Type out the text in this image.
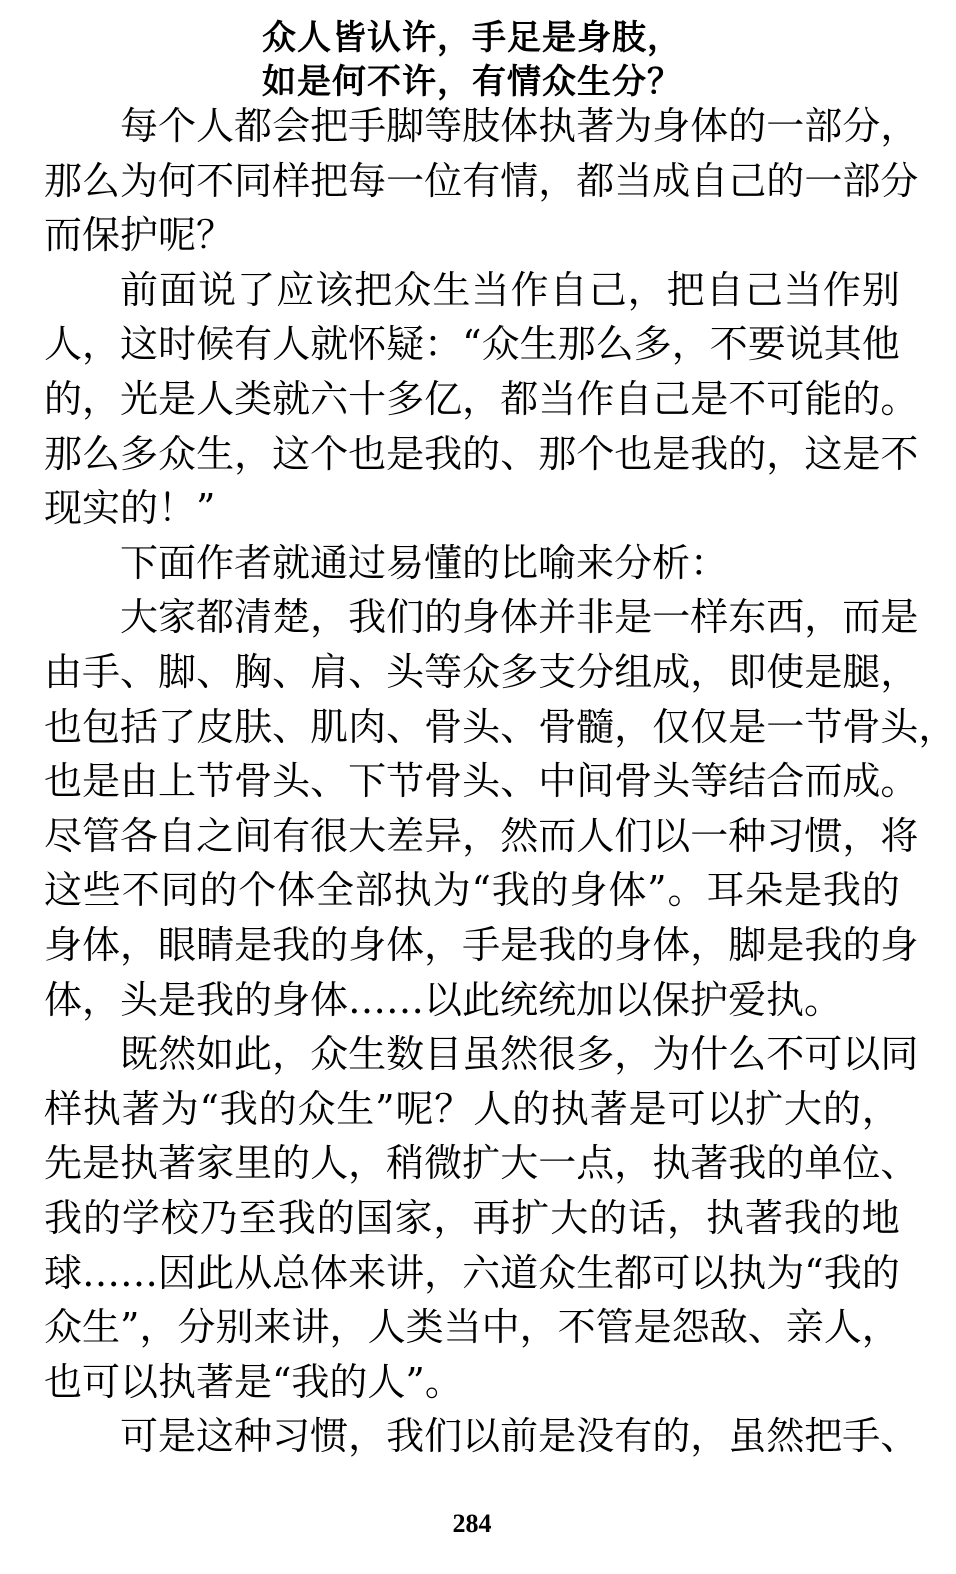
众人皆认许，手足是身肢，
如是何不许，有情众生分？
每 个 人 都 会 把 手 脚 等 肢 体 执 著 为 身 体 的 一 部 分 ，
那 么 为 何 不 同 样 把 每 一 位 有 情 ， 都 当 成 自 己 的 一 部 分
而保护呢？
前 面 说 了 应 该 把 众 生 当 作 自 己 ， 把 自 己 当 作 别
人 ， 这 时 候 有 人 就 怀 疑 ： “ 众 生 那 么 多 ， 不 要 说 其 他
的 ， 光 是 人 类 就 六 十 多 亿 ， 都 当 作 自 己 是 不 可 能 的 。
那 么 多 众 生 ， 这 个 也 是 我 的 、 那 个 也 是 我 的 ， 这 是 不
现实的！”
下面作者就通过易懂的比喻来分析：
大 家 都 清 楚 ， 我 们 的 身 体 并 非 是 一 样 东 西 ， 而 是
由 手 、 脚 、 胸 、 肩 、 头 等 众 多 支 分 组 成 ， 即 使 是 腿 ，
也 包 括 了 皮 肤 、 肌 肉 、 骨 头 、 骨 髓 ， 仅 仅 是 一 节 骨 头 ，
也 是 由 上 节 骨 头 、 下 节 骨 头 、 中 间 骨 头 等 结 合 而 成 。
尽 管 各 自 之 间 有 很 大 差 异 ， 然 而 人 们 以 一 种 习 惯 ， 将
这 些 不 同 的 个 体 全 部 执 为 “ 我 的 身 体 ” 。 耳 朵 是 我 的
身 体 ， 眼 睛 是 我 的 身 体 ， 手 是 我 的 身 体 ， 脚 是 我 的 身
体，头是我的身体……以此统统加以保护爱执。
既 然 如 此 ， 众 生 数 目 虽 然 很 多 ， 为 什 么 不 可 以 同
样 执 著 为 “ 我 的 众 生 ” 呢 ？ 人 的 执 著 是 可 以 扩 大 的 ，
先 是 执 著 家 里 的 人 ， 稍 微 扩 大 一 点 ， 执 著 我 的 单 位 、
我 的 学 校 乃 至 我 的 国 家 ， 再 扩 大 的 话 ， 执 著 我 的 地
球 … … 因 此 从 总 体 来 讲 ， 六 道 众 生 都 可 以 执 为 “ 我 的
众 生 ” ， 分 别 来 讲 ， 人 类 当 中 ， 不 管 是 怨 敌 、 亲 人 ，
也可以执著是“我的人”。
可 是 这 种 习 惯 ， 我 们 以 前 是 没 有 的 ， 虽 然 把 手 、
284
